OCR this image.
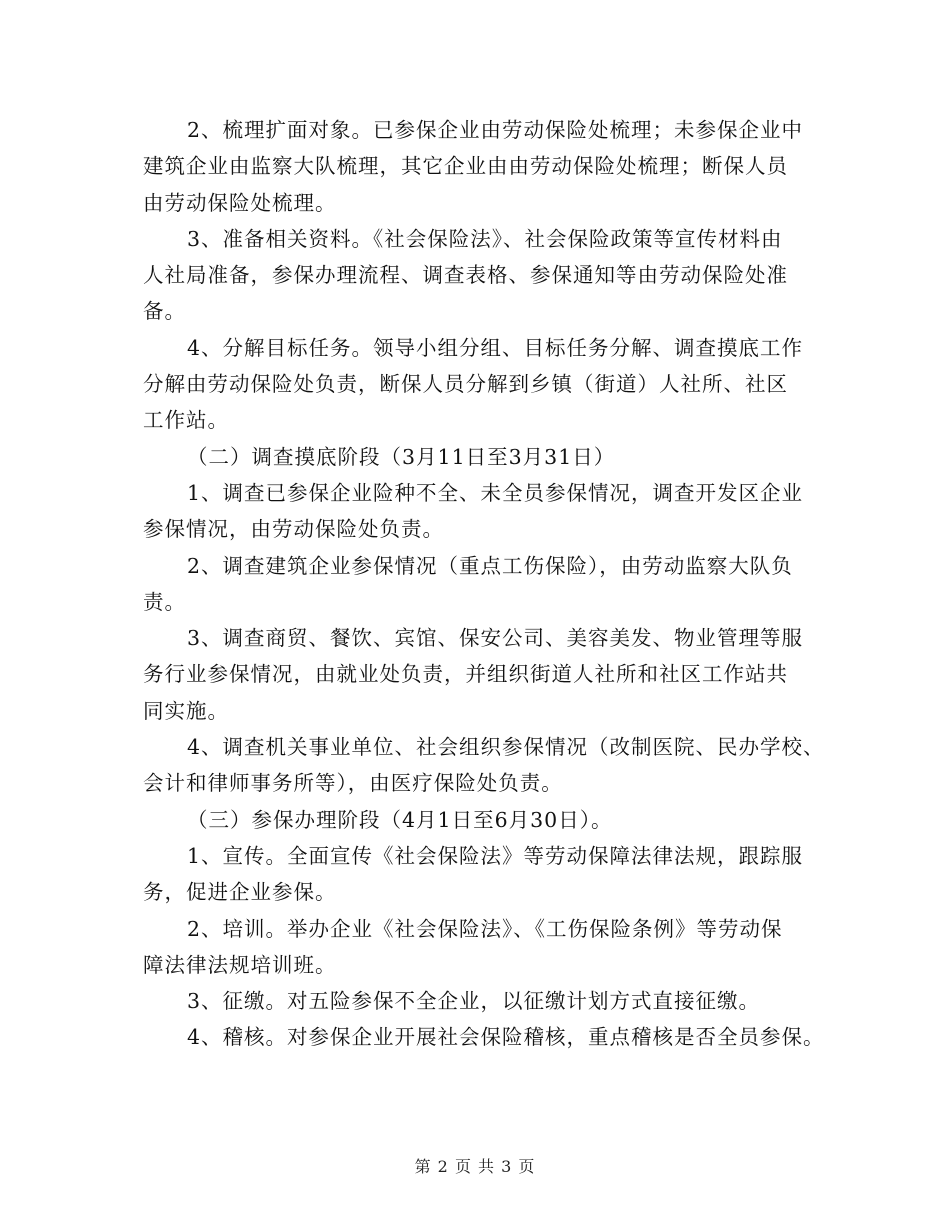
2、梳理扩面对象。已参保企业由劳动保险处梳理；未参保企业中
建筑企业由监察大队梳理，其它企业由由劳动保险处梳理；断保人员
由劳动保险处梳理。

3、准备相关资料。《社会保险法》、社会保险政策等宣传材料由
人社局准备，参保办理流程、调查表格、参保通知等由劳动保险处准
备。

4、分解目标任务。领导小组分组、目标任务分解、调查摸底工作
分解由劳动保险处负责，断保人员分解到乡镇（街道）人社所、社区
工作站。

（二）调查摸底阶段（3月11日至3月31日）

1、调查已参保企业险种不全、未全员参保情况，调查开发区企业
参保情况，由劳动保险处负责。

2、调查建筑企业参保情况（重点工伤保险），由劳动监察大队负
责。

3、调查商贸、餐饮、宾馆、保安公司、美容美发、物业管理等服
务行业参保情况，由就业处负责，并组织街道人社所和社区工作站共
同实施。

4、调查机关事业单位、社会组织参保情况（改制医院、民办学校、
会计和律师事务所等），由医疗保险处负责。

（三）参保办理阶段（4月1日至6月30日）。

1、宣传。全面宣传《社会保险法》等劳动保障法律法规，跟踪服
务，促进企业参保。

2、培训。举办企业《社会保险法》、《工伤保险条例》等劳动保
障法律法规培训班。

3、征缴。对五险参保不全企业，以征缴计划方式直接征缴。

4、稽核。对参保企业开展社会保险稽核，重点稽核是否全员参保。

第 2 页 共 3 页
